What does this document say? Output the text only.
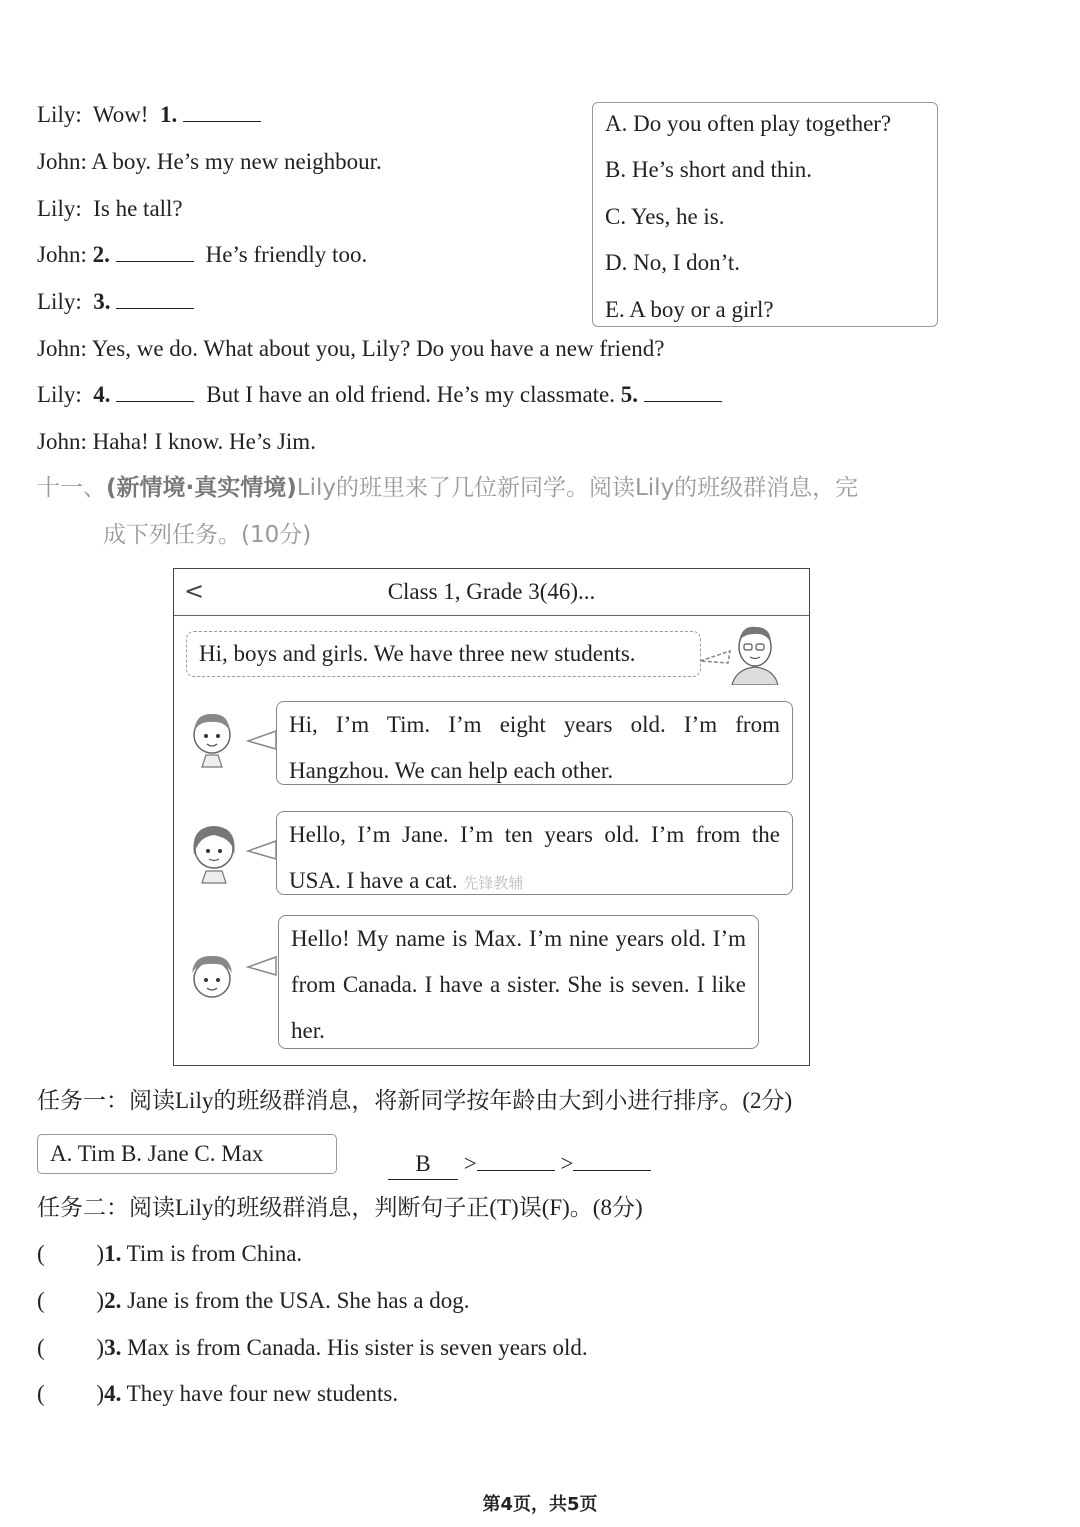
Lily: Wow! 1.
John: A boy. He’s my new neighbour.
Lily: Is he tall?
John: 2.	He’s friendly too.
Lily: 3.
John: Yes, we do. What about you, Lily? Do you have a new friend?
Lily: 4.	But I have an old friend. He’s my classmate. 5.
John: Haha! I know. He’s Jim.
A. Do you often play together?
B. He’s short and thin.
C. Yes, he is.
D. No, I don’t.
E. A boy or a girl?
十一、(新情境·真实情境)Lily的班里来了几位新同学。阅读Lily的班级群消息，完
成下列任务。(10分)
<	Class 1, Grade 3(46)...
Hi, boys and girls. We have three new students.
Hi, I’m Tim. I’m eight years old. I’m from Hangzhou. We can help each other.
Hello, I’m Jane. I’m ten years old. I’m from the USA. I have a cat. 先锋教辅
Hello! My name is Max. I’m nine years old. I’m from Canada. I have a sister. She is seven. I like her.
任务一：阅读Lily的班级群消息，将新同学按年龄由大到小进行排序。(2分)
A. Tim B. Jane C. Max	B >	>
任务二：阅读Lily的班级群消息，判断句子正(T)误(F)。(8分)
(         )1. Tim is from China.
(         )2. Jane is from the USA. She has a dog.
(         )3. Max is from Canada. His sister is seven years old.
(         )4. They have four new students.
第4页，共5页
